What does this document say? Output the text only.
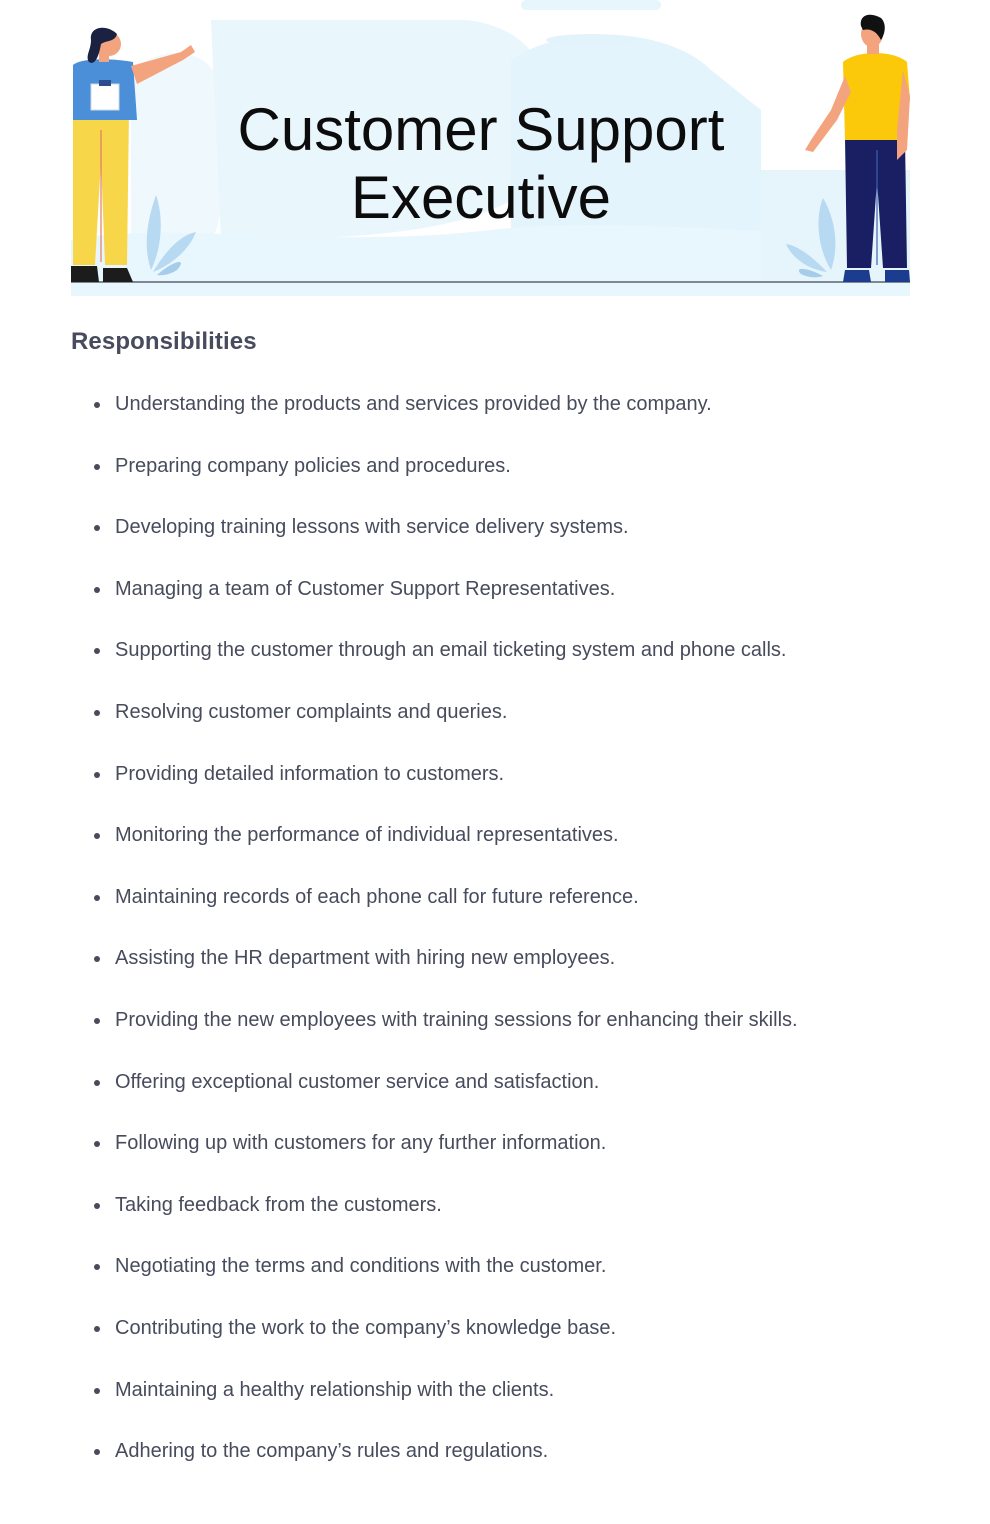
Customer Support
Executive
Responsibilities
Understanding the products and services provided by the company.
Preparing company policies and procedures.
Developing training lessons with service delivery systems.
Managing a team of Customer Support Representatives.
Supporting the customer through an email ticketing system and phone calls.
Resolving customer complaints and queries.
Providing detailed information to customers.
Monitoring the performance of individual representatives.
Maintaining records of each phone call for future reference.
Assisting the HR department with hiring new employees.
Providing the new employees with training sessions for enhancing their skills.
Offering exceptional customer service and satisfaction.
Following up with customers for any further information.
Taking feedback from the customers.
Negotiating the terms and conditions with the customer.
Contributing the work to the company’s knowledge base.
Maintaining a healthy relationship with the clients.
Adhering to the company’s rules and regulations.
